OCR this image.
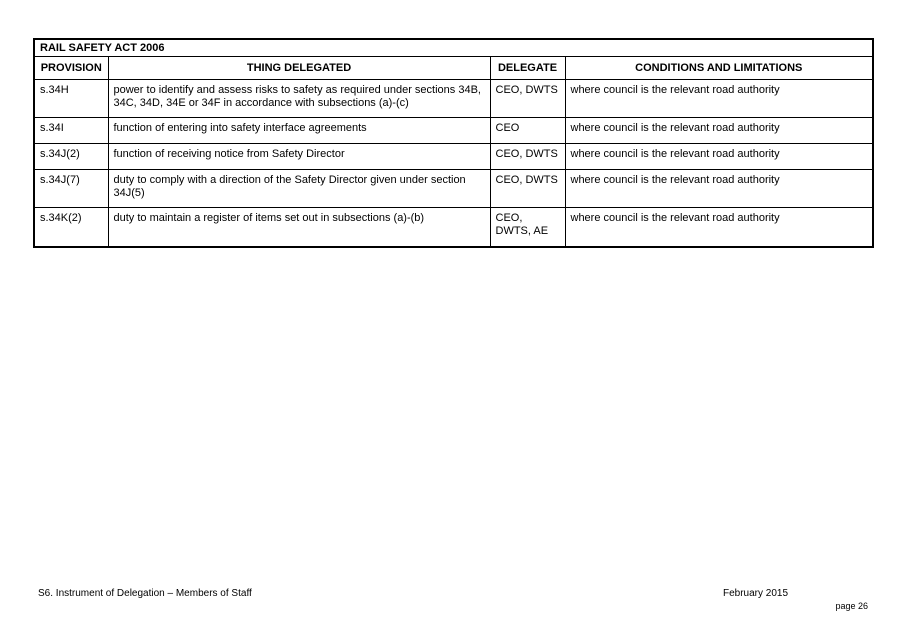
RAIL SAFETY ACT 2006			
PROVISION	THING DELEGATED	DELEGATE	CONDITIONS AND LIMITATIONS
s.34H	power to identify and assess risks to safety as required under sections 34B, 34C, 34D, 34E or 34F in accordance with subsections (a)-(c)	CEO, DWTS	where council is the relevant road authority
s.34I	function of entering into safety interface agreements	CEO	where council is the relevant road authority
s.34J(2)	function of receiving notice from Safety Director	CEO, DWTS	where council is the relevant road authority
s.34J(7)	duty to comply with a direction of the Safety Director given under section 34J(5)	CEO, DWTS	where council is the relevant road authority
s.34K(2)	duty to maintain a register of items set out in subsections (a)-(b)	CEO, DWTS, AE	where council is the relevant road authority
S6. Instrument of Delegation – Members of Staff	February 2015
page 26
